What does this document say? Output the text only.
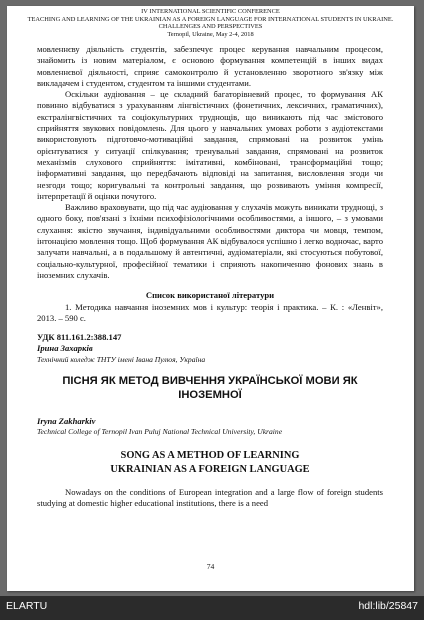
IV INTERNATIONAL SCIENTIFIC CONFERENCE
TEACHING AND LEARNING OF THE UKRAINIAN AS A FOREIGN LANGUAGE FOR INTERNATIONAL STUDENTS IN UKRAINE.
CHALLENGES AND PERSPECTIVES
Ternopil, Ukraine, May 2-4, 2018

мовленнєву діяльність студентів, забезпечує процес керування навчальним процесом, знайомить із новим матеріалом, є основою формування компетенцій в інших видах мовленнєвої діяльності, сприяє самоконтролю й установленню зворотного зв'язку між викладачем і студентом, студентом та іншими студентами.

Оскільки аудіювання – це складний багаторівневий процес, то формування АК повинно відбуватися з урахуванням лінгвістичних (фонетичних, лексичних, граматичних), екстралінгвістичних та соціокультурних труднощів, що виникають під час змістового сприйняття звукових повідомлень. Для цього у навчальних умовах роботи з аудіотекстами використовують підготовчо-мотиваційні завдання, спрямовані на розвиток умінь орієнтуватися у ситуації спілкування; тренувальні завдання, спрямовані на розвиток механізмів слухового сприйняття: імітативні, комбіновані, трансформаційні тощо; інформативні завдання, що передбачають відповіді на запитання, висловлення згоди чи незгоди тощо; коригувальні та контрольні завдання, що розвивають уміння компресії, інтерпретації й оцінки почутого.

Важливо враховувати, що під час аудіювання у слухачів можуть виникати труднощі, з одного боку, пов'язані з їхніми психофізіологічними особливостями, а іншого, – з умовами слухання: якістю звучання, індивідуальними особливостями диктора чи мовця, темпом, інтонацією мовлення тощо. Щоб формування АК відбувалося успішно і легко водночас, варто залучати навчальні, а в подальшому й автентичні, аудіоматеріали, які стосуються побутової, соціально-культурної, професійної тематики і сприяють накопиченню фонових знань в іноземних слухачів.

Список використаної літератури

1. Методика навчання іноземних мов і культур: теорія і практика. – К. : «Ленвіт», 2013. – 590 с.

УДК 811.161.2:388.147
Ірина Захарків
Технічний коледж ТНТУ імені Івана Пулюя, Україна
ПІСНЯ ЯК МЕТОД ВИВЧЕННЯ УКРАЇНСЬКОЇ МОВИ ЯК ІНОЗЕМНОЇ
Iryna Zakharkiv
Technical College of Ternopil Ivan Puluj National Technical University, Ukraine
SONG AS A METHOD OF LEARNING
UKRAINIAN AS A FOREIGN LANGUAGE

Nowadays on the conditions of European integration and a large flow of foreign students studying at domestic higher educational institutions, there is a need

74
ELARTU	hdl:lib/25847
